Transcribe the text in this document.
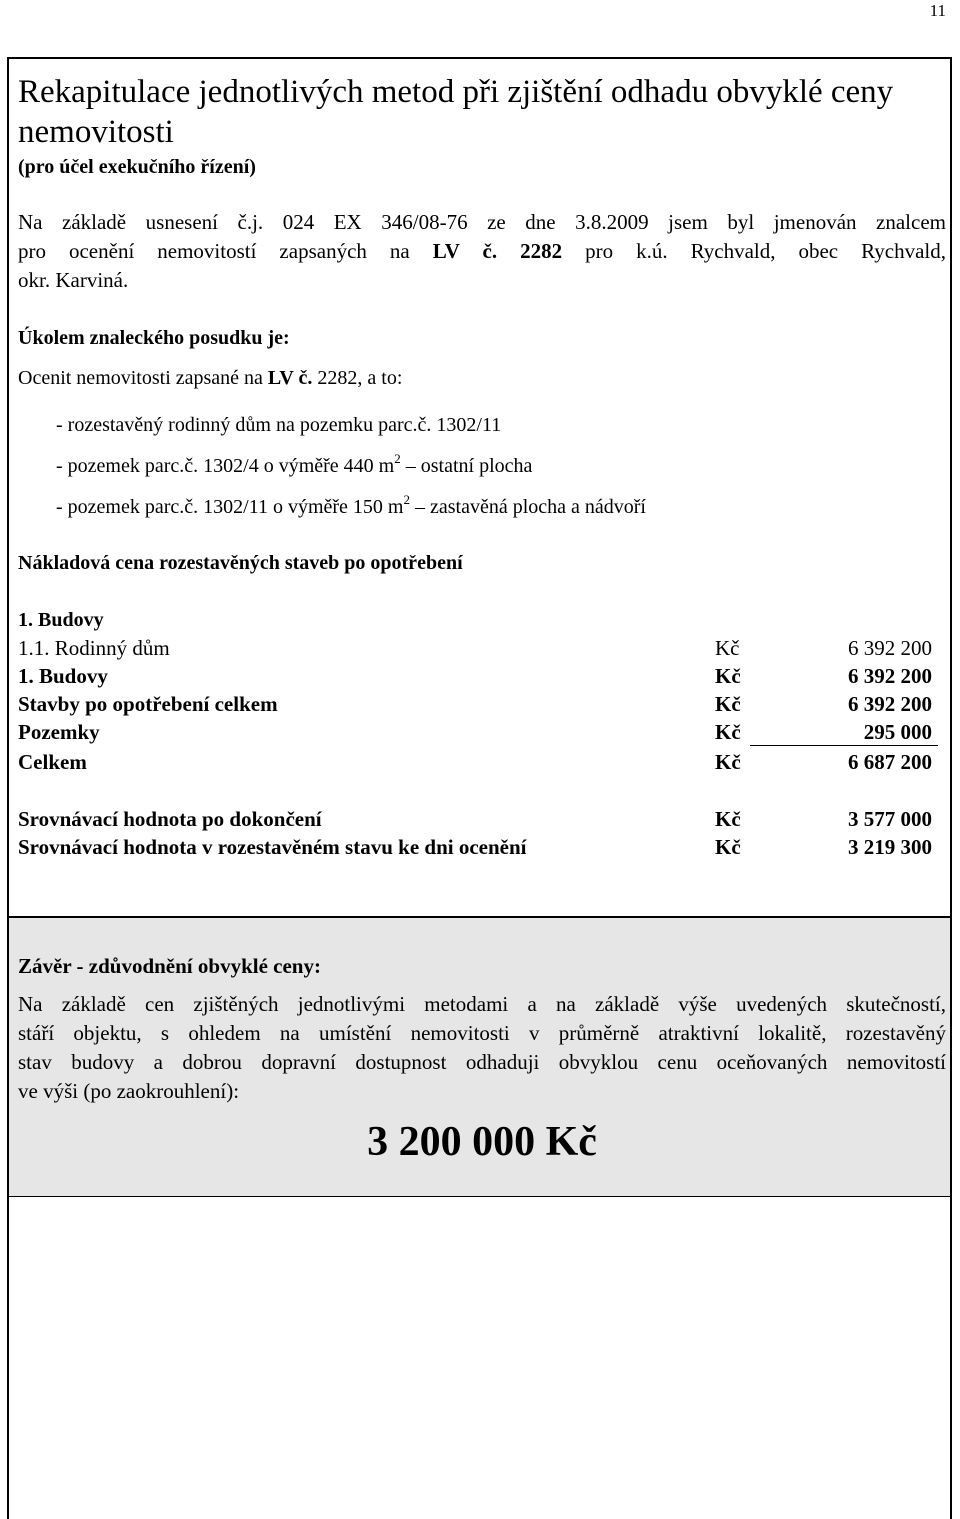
11
Rekapitulace jednotlivých metod při zjištění odhadu obvyklé ceny nemovitosti
(pro účel exekučního řízení)
Na základě usnesení č.j. 024 EX 346/08-76 ze dne 3.8.2009 jsem byl jmenován znalcem
pro ocenění nemovitostí zapsaných na LV č. 2282 pro k.ú. Rychvald, obec Rychvald,
okr. Karviná.
Úkolem znaleckého posudku je:
Ocenit nemovitosti zapsané na LV č. 2282, a to:
- rozestavěný rodinný dům na pozemku parc.č. 1302/11
- pozemek parc.č. 1302/4 o výměře 440 $m^2$ – ostatní plocha
- pozemek parc.č. 1302/11 o výměře 150 $m^2$ – zastavěná plocha a nádvoří
Nákladová cena rozestavěných staveb po opotřebení
1. Budovy
1.1. Rodinný dům	Kč	6 392 200
1. Budovy	Kč	6 392 200
Stavby po opotřebení celkem	Kč	6 392 200
Pozemky	Kč	295 000
Celkem	Kč	6 687 200
Srovnávací hodnota po dokončení	Kč	3 577 000
Srovnávací hodnota v rozestavěném stavu ke dni ocenění	Kč	3 219 300
Závěr - zdůvodnění obvyklé ceny:
Na základě cen zjištěných jednotlivými metodami a na základě výše uvedených skutečností,
stáří objektu, s ohledem na umístění nemovitosti v průměrně atraktivní lokalitě, rozestavěný
stav budovy a dobrou dopravní dostupnost odhaduji obvyklou cenu oceňovaných nemovitostí
ve výši (po zaokrouhlení):
3 200 000 Kč
